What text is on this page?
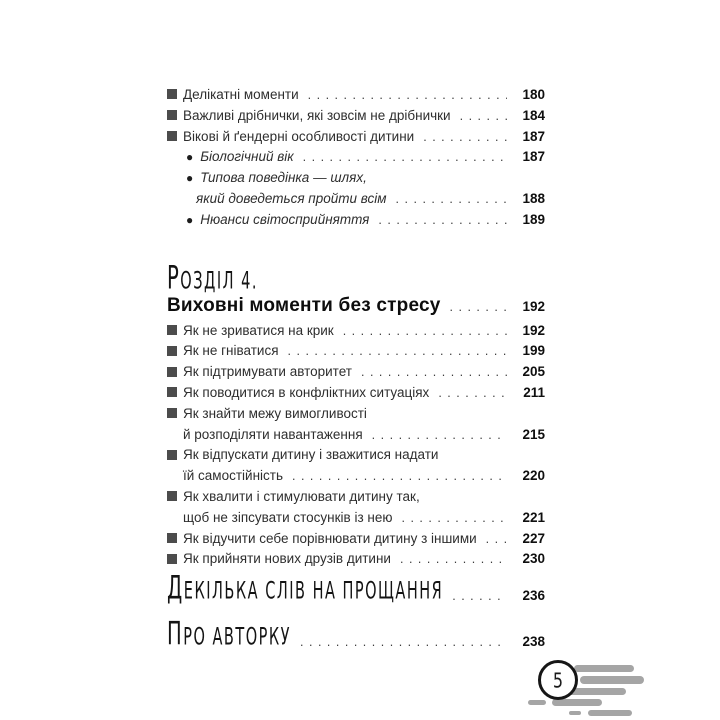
Делікатні моменти .....	180
Важливі дрібнички, які зовсім не дрібнички .....	184
Вікові й ґендерні особливості дитини .....	187
● Біологічний вік .....	187
● Типова поведінка — шлях,
який доведеться пройти всім .....	188
● Нюанси світосприйняття .....	189
РОЗДІЛ 4.
Виховні моменти без стресу .....	192
Як не зриватися на крик .....	192
Як не гніватися .....	199
Як підтримувати авторитет .....	205
Як поводитися в конфліктних ситуаціях .....	211
Як знайти межу вимогливості
й розподіляти навантаження .....	215
Як відпускати дитину і зважитися надати
їй самостійність .....	220
Як хвалити і стимулювати дитину так,
щоб не зіпсувати стосунків із нею .....	221
Як відучити себе порівнювати дитину з іншими .....	227
Як прийняти нових друзів дитини .....	230
ДЕКІЛЬКА СЛІВ НА ПРОЩАННЯ .....	236
ПРО АВТОРКУ .....	238
5
